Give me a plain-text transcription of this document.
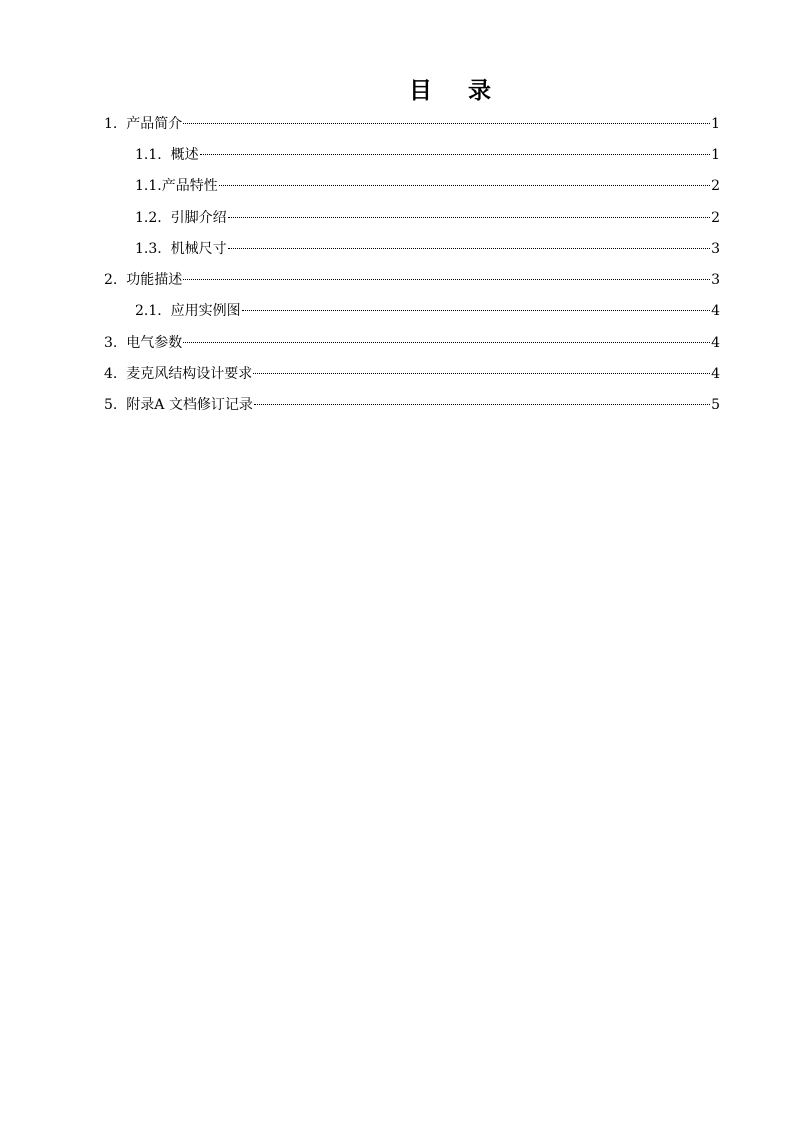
目 录
1. 产品简介	1
1.1. 概述	1
1.1. 产品特性	2
1.2. 引脚介绍	2
1.3. 机械尺寸	3
2. 功能描述	3
2.1. 应用实例图	4
3. 电气参数	4
4. 麦克风结构设计要求	4
5. 附录A 文档修订记录	5
